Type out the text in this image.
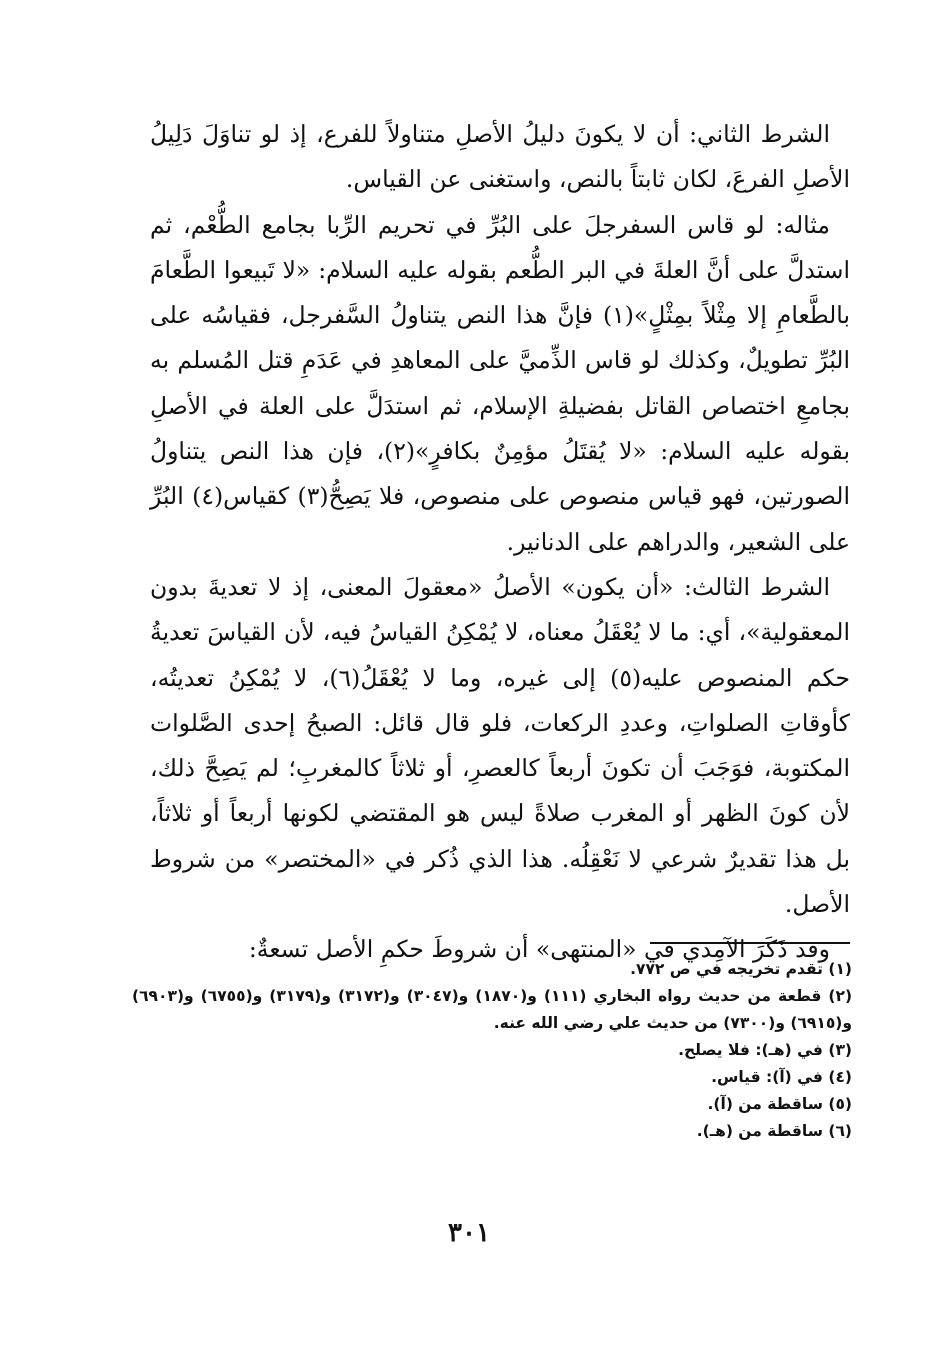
الشرط الثاني: أن لا يكونَ دليلُ الأصلِ متناولاً للفرع، إذ لو تناوَلَ دَلِيلُ الأصلِ الفرعَ، لكان ثابتاً بالنص، واستغنى عن القياس.

مثاله: لو قاس السفرجلَ على البُرِّ في تحريم الرِّبا بجامع الطُّعْم، ثم استدلَّ على أنَّ العلةَ في البر الطُّعم بقوله عليه السلام: «لا تَبيعوا الطَّعامَ بالطَّعامِ إلا مِثْلاً بمِثْلٍ»(١) فإنَّ هذا النص يتناولُ السَّفرجل، فقياسُه على البُرِّ تطويلٌ، وكذلك لو قاس الذِّميَّ على المعاهدِ في عَدَمِ قتل المُسلم به بجامعِ اختصاص القاتل بفضيلةِ الإسلام، ثم استدَلَّ على العلة في الأصلِ بقوله عليه السلام: «لا يُقتَلُ مؤمِنٌ بكافرٍ»(٢)، فإن هذا النص يتناولُ الصورتين، فهو قياس منصوص على منصوص، فلا يَصِحُّ(٣) كقياس(٤) البُرِّ على الشعير، والدراهم على الدنانير.

الشرط الثالث: «أن يكون» الأصلُ «معقولَ المعنى، إذ لا تعديةَ بدون المعقولية»، أي: ما لا يُعْقَلُ معناه، لا يُمْكِنُ القياسُ فيه، لأن القياسَ تعديةُ حكم المنصوص عليه(٥) إلى غيره، وما لا يُعْقَلُ(٦)، لا يُمْكِنُ تعديتُه، كأوقاتِ الصلواتِ، وعددِ الركعات، فلو قال قائل: الصبحُ إحدى الصَّلوات المكتوبة، فوَجَبَ أن تكونَ أربعاً كالعصرِ، أو ثلاثاً كالمغربِ؛ لم يَصِحَّ ذلك، لأن كونَ الظهر أو المغرب صلاةً ليس هو المقتضي لكونها أربعاً أو ثلاثاً، بل هذا تقديرٌ شرعي لا نَعْقِلُه. هذا الذي ذُكر في «المختصر» من شروط الأصل.

وقد ذَكَرَ الآمِدي في «المنتهى» أن شروطَ حكمِ الأصل تسعةٌ:

(١) تقدم تخريجه في ص ٧٧٢.

(٢) قطعة من حديث رواه البخاري (١١١) و(١٨٧٠) و(٣٠٤٧) و(٣١٧٢) و(٣١٧٩) و(٦٧٥٥) و(٦٩٠٣) و(٦٩١٥) و(٧٣٠٠) من حديث علي رضي الله عنه.

(٣) في (هـ): فلا يصلح.

(٤) في (آ): قياس.

(٥) ساقطة من (آ).

(٦) ساقطة من (هـ).

٣٠١
